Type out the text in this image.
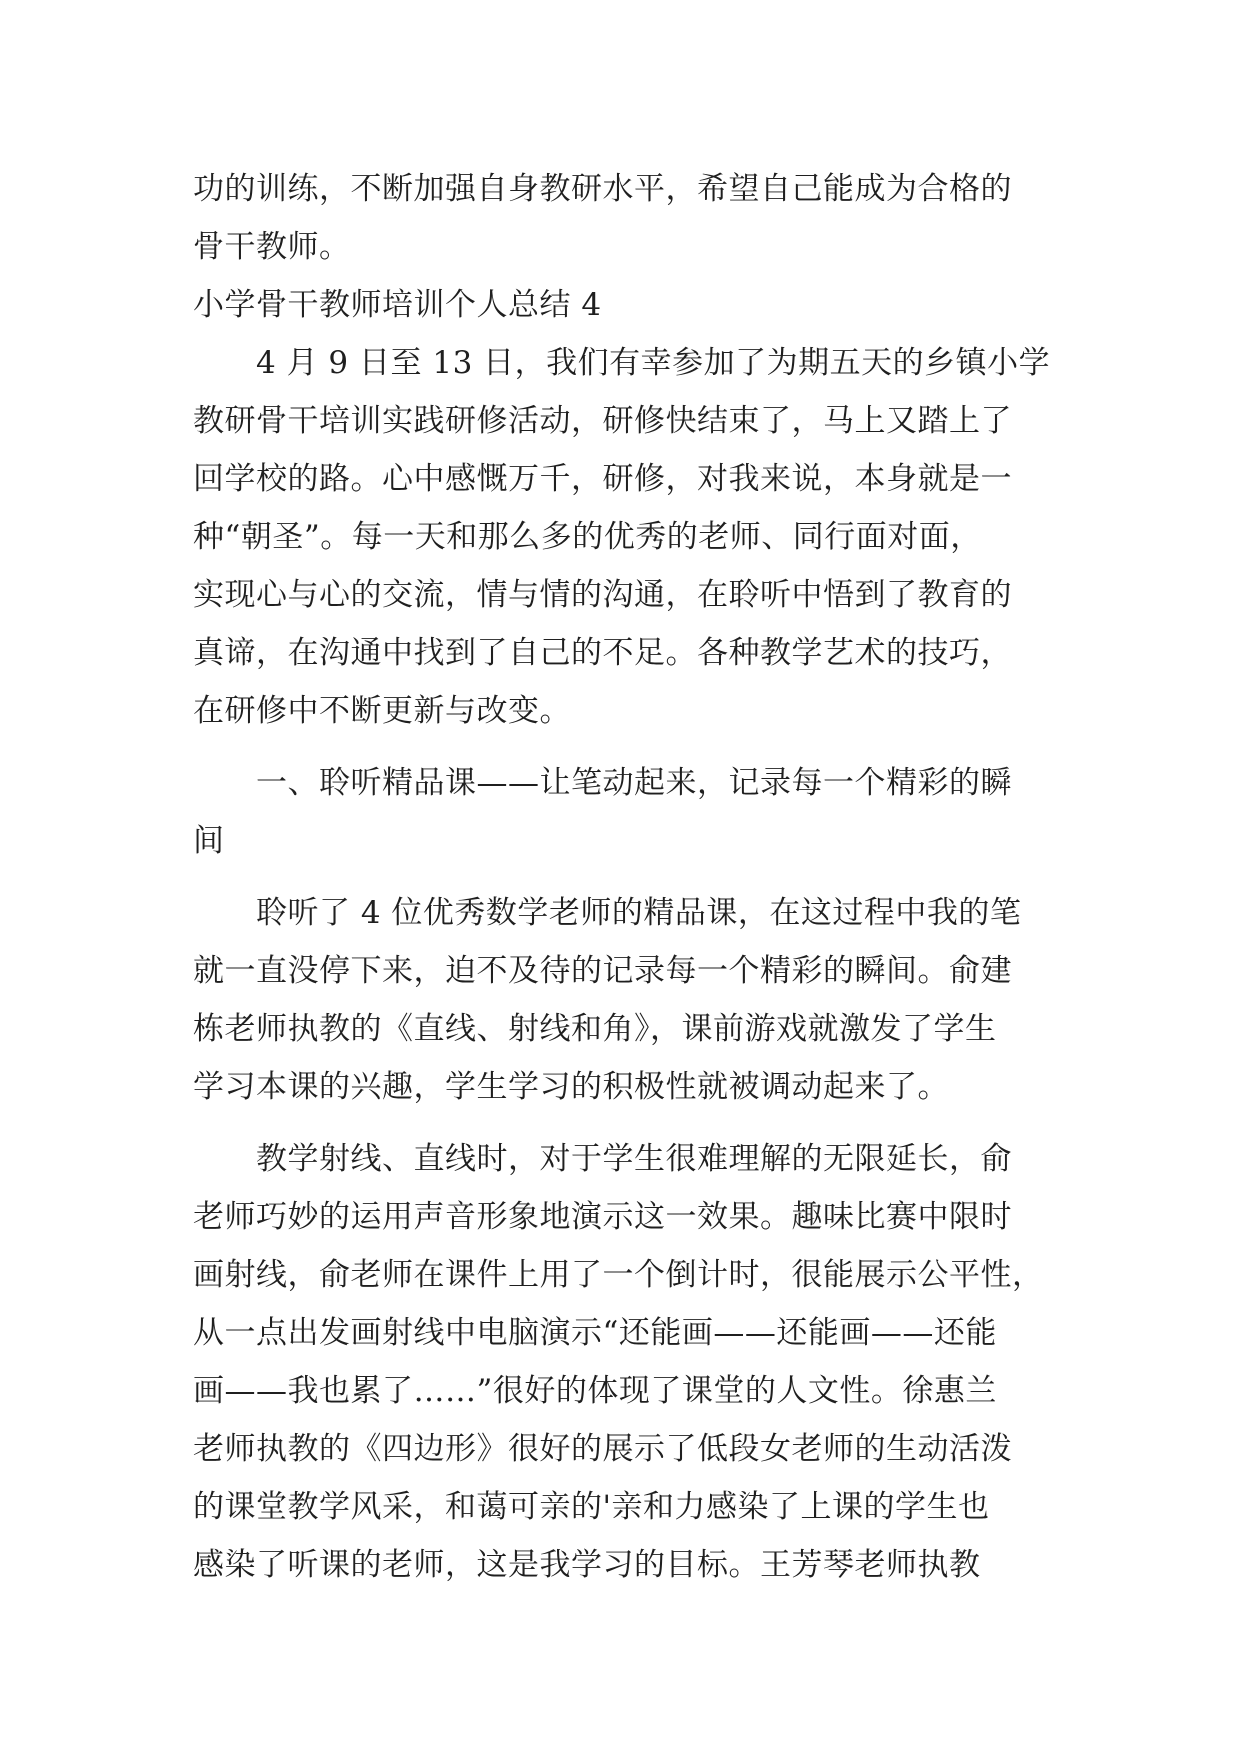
功的训练，不断加强自身教研水平，希望自己能成为合格的
骨干教师。
小学骨干教师培训个人总结 4
　　4 月 9 日至 13 日，我们有幸参加了为期五天的乡镇小学
教研骨干培训实践研修活动，研修快结束了，马上又踏上了
回学校的路。心中感慨万千，研修，对我来说，本身就是一
种“朝圣”。每一天和那么多的优秀的老师、同行面对面，
实现心与心的交流，情与情的沟通，在聆听中悟到了教育的
真谛，在沟通中找到了自己的不足。各种教学艺术的技巧，
在研修中不断更新与改变。
　　一、聆听精品课——让笔动起来，记录每一个精彩的瞬
间
　　聆听了 4 位优秀数学老师的精品课，在这过程中我的笔
就一直没停下来，迫不及待的记录每一个精彩的瞬间。俞建
栋老师执教的《直线、射线和角》，课前游戏就激发了学生
学习本课的兴趣，学生学习的积极性就被调动起来了。
　　教学射线、直线时，对于学生很难理解的无限延长，俞
老师巧妙的运用声音形象地演示这一效果。趣味比赛中限时
画射线，俞老师在课件上用了一个倒计时，很能展示公平性，
从一点出发画射线中电脑演示“还能画——还能画——还能
画——我也累了……”很好的体现了课堂的人文性。徐惠兰
老师执教的《四边形》很好的展示了低段女老师的生动活泼
的课堂教学风采，和蔼可亲的'亲和力感染了上课的学生也
感染了听课的老师，这是我学习的目标。王芳琴老师执教
